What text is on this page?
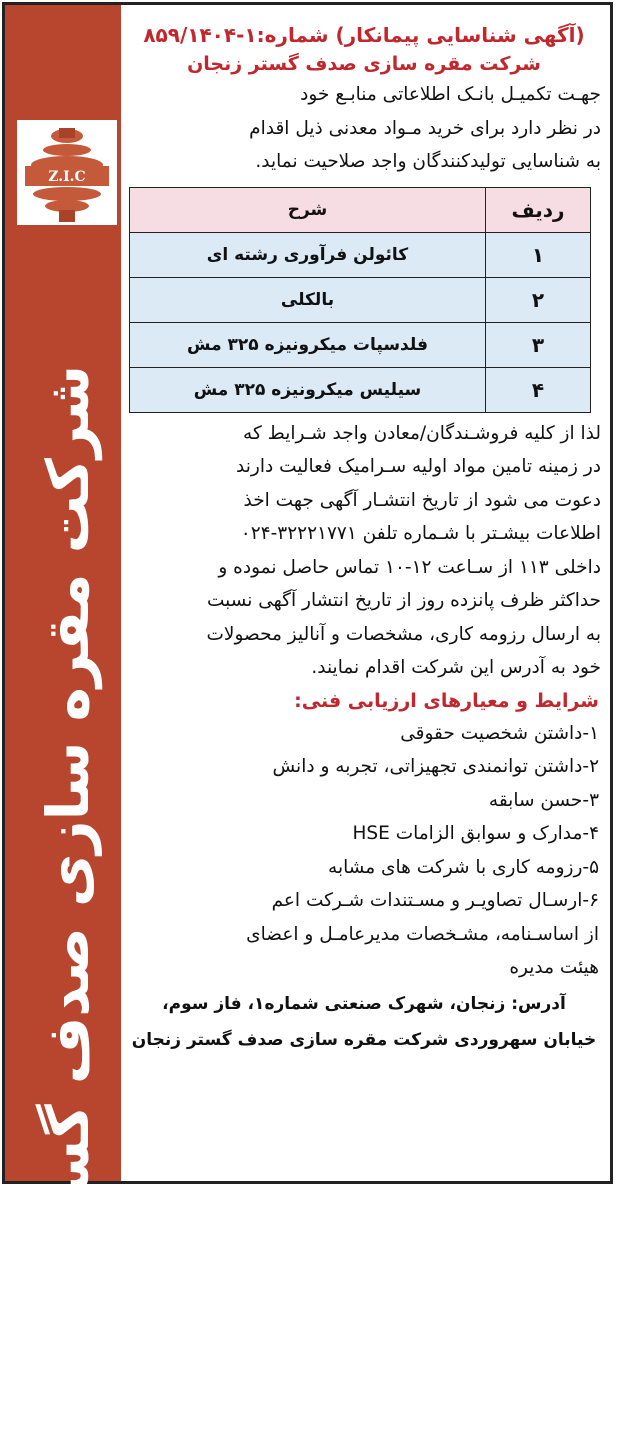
Z.I.C
شرکت مقره سازی صدف گستر زنجان
(آگهی شناسایی پیمانکار) شماره:۱-۸۵۹/۱۴۰۴
شرکت مقره سازی صدف گستر زنجان
جهـت تكميـل بانـک اطلاعاتی منابـع خود
در نظر دارد برای خرید مـواد معدنی ذیل اقدام
به شناسایی تولیدکنندگان واجد صلاحیت نماید.
ردیف	شرح
۱	کائولن فرآوری رشته ای
۲	بالکلی
۳	فلدسپات میکرونیزه ۳۲۵ مش
۴	سیلیس میکرونیزه ۳۲۵ مش
لذا از کلیه فروشـندگان/معادن واجد شـرایط که
در زمینه تامین مواد اولیه سـرامیک فعالیت دارند
دعوت می شود از تاریخ انتشـار آگهی جهت اخذ
اطلاعات بیشـتر با شـماره تلفن ۳۲۲۲۱۷۷۱-۰۲۴
داخلی ۱۱۳ از سـاعت ۱۲-۱۰ تماس حاصل نموده و
حداکثر ظرف پانزده روز از تاریخ انتشار آگهی نسبت
به ارسال رزومه کاری، مشخصات و آنالیز محصولات
خود به آدرس این شرکت اقدام نمایند.
شرایط و معیارهای ارزیابی فنی:
۱-داشتن شخصیت حقوقی
۲-داشتن توانمندی تجهیزاتی، تجربه و دانش
۳-حسن سابقه
۴-مدارک و سوابق الزامات HSE
۵-رزومه کاری با شرکت های مشابه
۶-ارسـال تصاویـر و مسـتندات شـرکت اعم
از اساسـنامه، مشـخصات مدیرعامـل و اعضای
هیئت مدیره
آدرس: زنجان، شهرک صنعتی شماره۱، فاز سوم،
خیابان سهروردی شرکت مقره سازی صدف گستر زنجان
